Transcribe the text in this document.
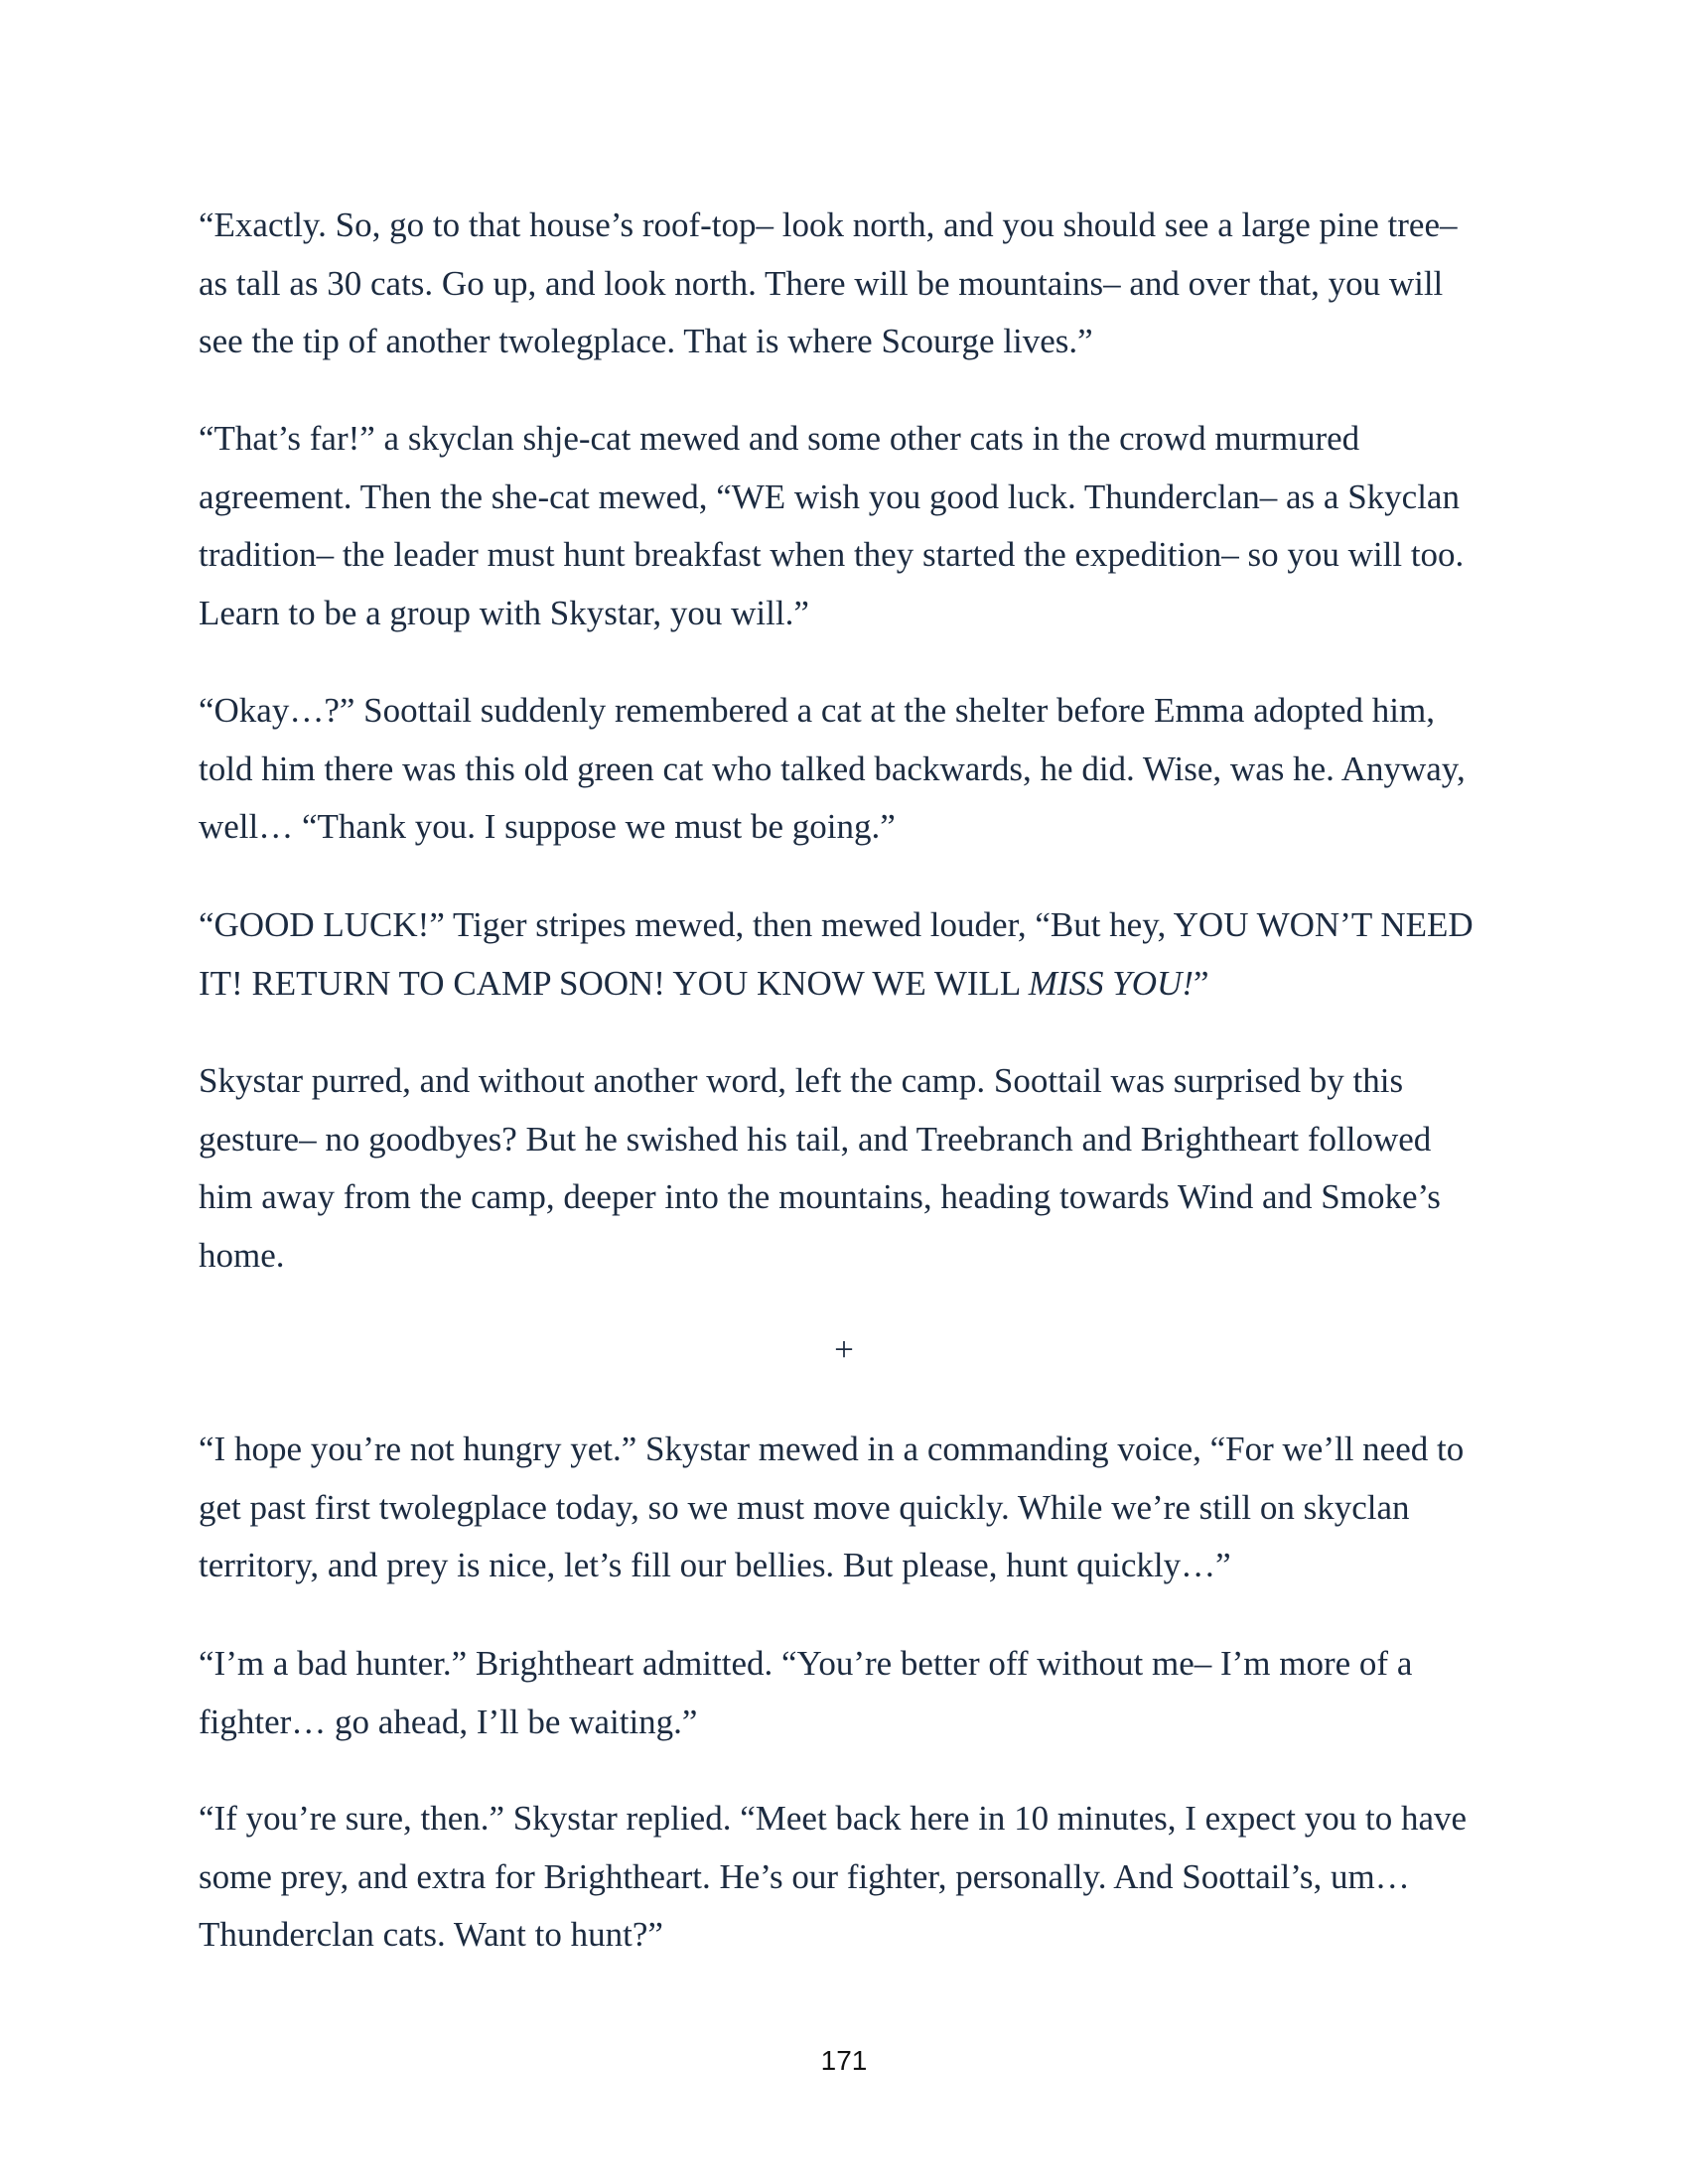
“Exactly. So, go to that house’s roof-top– look north, and you should see a large pine tree– as tall as 30 cats. Go up, and look north. There will be mountains– and over that, you will see the tip of another twolegplace. That is where Scourge lives.”

“That’s far!” a skyclan shje-cat mewed and some other cats in the crowd murmured agreement. Then the she-cat mewed, “WE wish you good luck. Thunderclan– as a Skyclan tradition– the leader must hunt breakfast when they started the expedition– so you will too. Learn to be a group with Skystar, you will.”

“Okay…?” Soottail suddenly remembered a cat at the shelter before Emma adopted him, told him there was this old green cat who talked backwards, he did. Wise, was he. Anyway, well… “Thank you. I suppose we must be going.”

“GOOD LUCK!” Tiger stripes mewed, then mewed louder, “But hey, YOU WON’T NEED IT! RETURN TO CAMP SOON! YOU KNOW WE WILL MISS YOU!”

Skystar purred, and without another word, left the camp. Soottail was surprised by this gesture– no goodbyes? But he swished his tail, and Treebranch and Brightheart followed him away from the camp, deeper into the mountains, heading towards Wind and Smoke’s home.

+

“I hope you’re not hungry yet.” Skystar mewed in a commanding voice, “For we’ll need to get past first twolegplace today, so we must move quickly. While we’re still on skyclan territory, and prey is nice, let’s fill our bellies. But please, hunt quickly…”

“I’m a bad hunter.” Brightheart admitted. “You’re better off without me– I’m more of a fighter… go ahead, I’ll be waiting.”

“If you’re sure, then.” Skystar replied. “Meet back here in 10 minutes, I expect you to have some prey, and extra for Brightheart. He’s our fighter, personally. And Soottail’s, um… Thunderclan cats. Want to hunt?”

171
